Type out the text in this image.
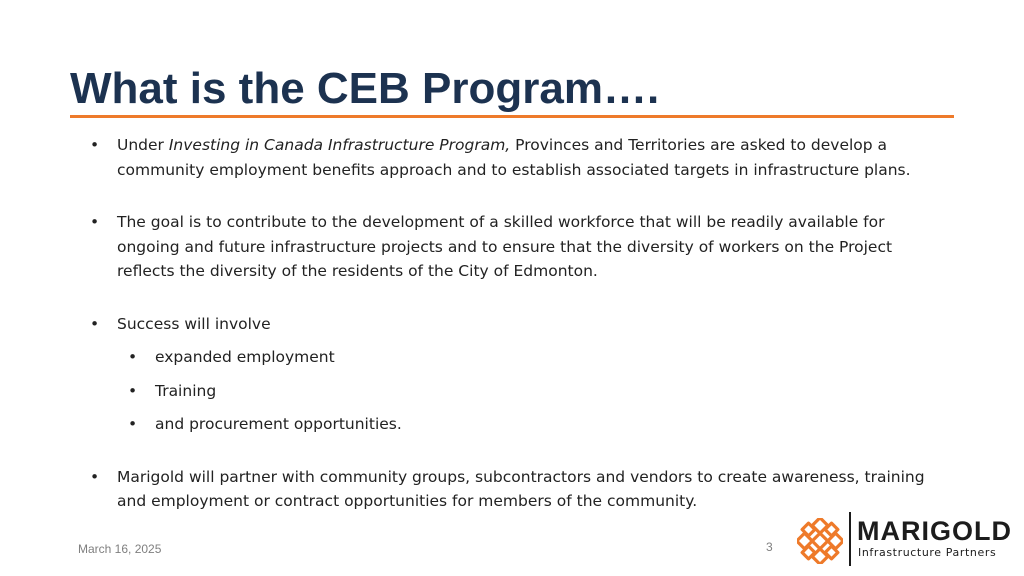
What is the CEB Program….
• Under Investing in Canada Infrastructure Program, Provinces and Territories are asked to develop a community employment benefits approach and to establish associated targets in infrastructure plans.
• The goal is to contribute to the development of a skilled workforce that will be readily available for ongoing and future infrastructure projects and to ensure that the diversity of workers on the Project reflects the diversity of the residents of the City of Edmonton.
• Success will involve
• expanded employment
• Training
• and procurement opportunities.
• Marigold will partner with community groups, subcontractors and vendors to create awareness, training and employment or contract opportunities for members of the community.
March 16, 2025	3
MARIGOLD
Infrastructure Partners
